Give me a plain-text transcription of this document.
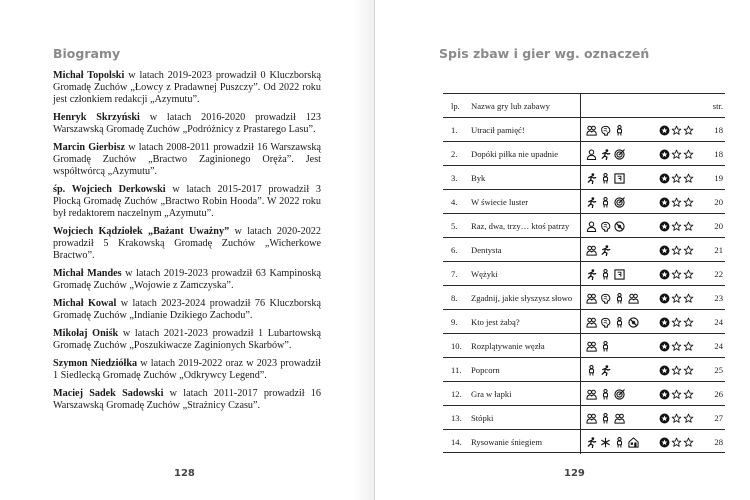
Biogramy

Michał Topolski w latach 2019-2023 prowadził 0 Kluczborską Gromadę Zuchów „Łowcy z Pradawnej Puszczy”. Od 2022 roku jest członkiem redakcji „Azymutu”.

Henryk Skrzyński w latach 2016-2020 prowadził 123 Warszawską Gromadę Zuchów „Podróżnicy z Prastarego Lasu”.

Marcin Gierbisz w latach 2008-2011 prowadził 16 Warszawską Gromadę Zuchów „Bractwo Zaginionego Oręża”. Jest współtwórcą „Azymutu”.

śp. Wojciech Derkowski w latach 2015-2017 prowadził 3 Płocką Gromadę Zuchów „Bractwo Robin Hooda”. W 2022 roku był redaktorem naczelnym „Azymutu”.

Wojciech Kądziołek „Bażant Uważny” w latach 2020-2022 prowadził 5 Krakowską Gromadę Zuchów „Wicherkowe Bractwo”.

Michał Mandes w latach 2019-2023 prowadził 63 Kampinoską Gromadę Zuchów „Wojowie z Zamczyska”.

Michał Kowal w latach 2023-2024 prowadził 76 Kluczborską Gromadę Zuchów „Indianie Dzikiego Zachodu”.

Mikołaj Oniśk w latach 2021-2023 prowadził 1 Lubartowską Gromadę Zuchów „Poszukiwacze Zaginionych Skarbów”.

Szymon Niedziółka w latach 2019-2022 oraz w 2023 prowadził 1 Siedlecką Gromadę Zuchów „Odkrywcy Legend”.

Maciej Sadek Sadowski w latach 2011-2017 prowadził 16 Warszawską Gromadę Zuchów „Strażnicy Czasu”.

128
Spis zbaw i gier wg. oznaczeń
lp.	Nazwa gry lub zabawy	str.
1.	Utracił pamięć!	18
2.	Dopóki piłka nie upadnie	18
3.	Byk	19
4.	W świecie luster	20
5.	Raz, dwa, trzy… ktoś patrzy	20
6.	Dentysta	21
7.	Wężyki	22
8.	Zgadnij, jakie słyszysz słowo	23
9.	Kto jest żabą?	24
10.	Rozplątywanie węzła	24
11.	Popcorn	25
12.	Gra w łapki	26
13.	Stópki	27
14.	Rysowanie śniegiem	28
129
